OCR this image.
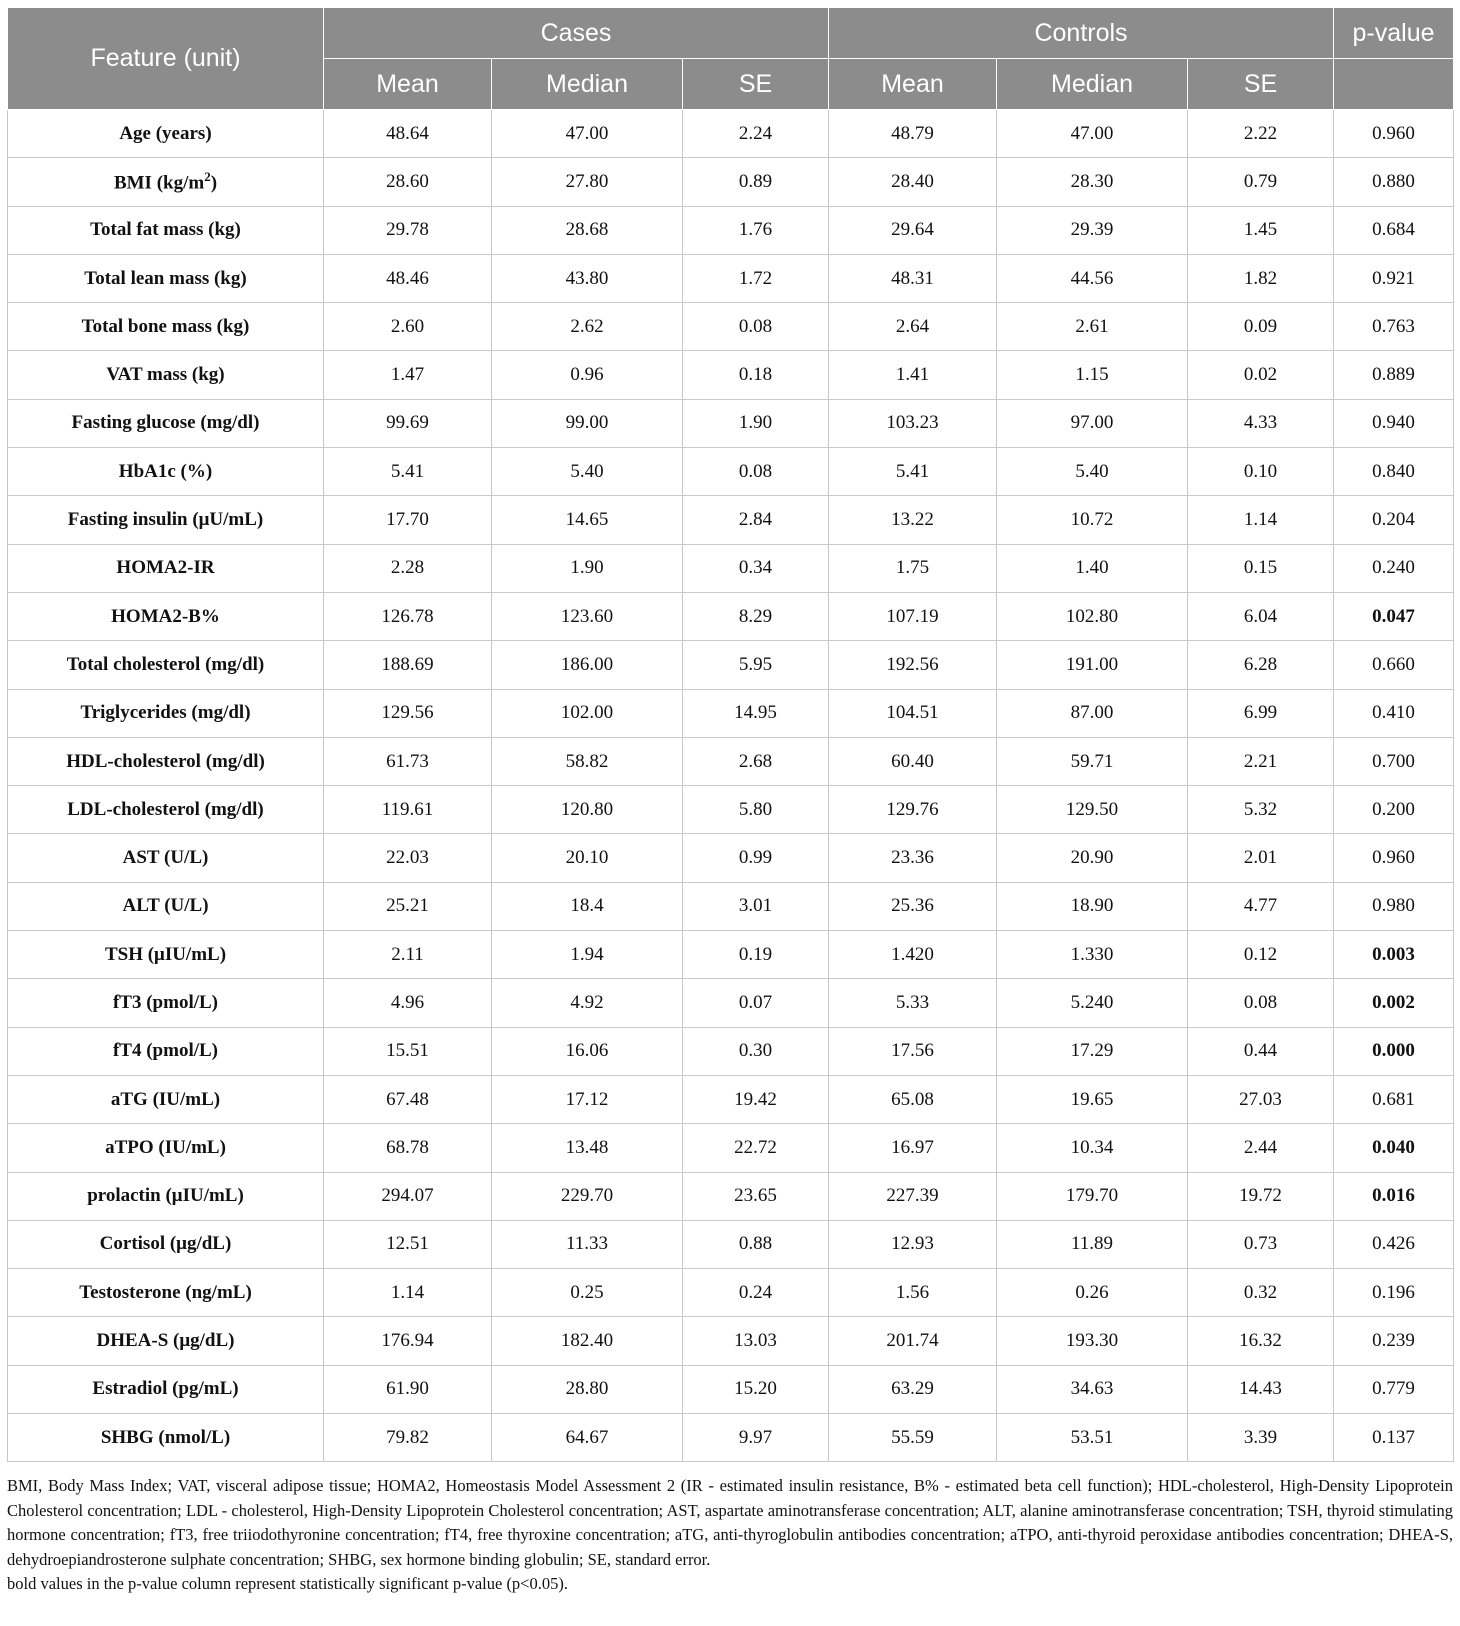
Feature (unit)	Cases			Controls			p-value
	Mean	Median	SE	Mean	Median	SE	
Age (years)	48.64	47.00	2.24	48.79	47.00	2.22	0.960
BMI $(kg/m^2)$	28.60	27.80	0.89	28.40	28.30	0.79	0.880
Total fat mass (kg)	29.78	28.68	1.76	29.64	29.39	1.45	0.684
Total lean mass (kg)	48.46	43.80	1.72	48.31	44.56	1.82	0.921
Total bone mass (kg)	2.60	2.62	0.08	2.64	2.61	0.09	0.763
VAT mass (kg)	1.47	0.96	0.18	1.41	1.15	0.02	0.889
Fasting glucose (mg/dl)	99.69	99.00	1.90	103.23	97.00	4.33	0.940
HbA1c (%)	5.41	5.40	0.08	5.41	5.40	0.10	0.840
Fasting insulin (μU/mL)	17.70	14.65	2.84	13.22	10.72	1.14	0.204
HOMA2-IR	2.28	1.90	0.34	1.75	1.40	0.15	0.240
HOMA2-B%	126.78	123.60	8.29	107.19	102.80	6.04	0.047
Total cholesterol (mg/dl)	188.69	186.00	5.95	192.56	191.00	6.28	0.660
Triglycerides (mg/dl)	129.56	102.00	14.95	104.51	87.00	6.99	0.410
HDL-cholesterol (mg/dl)	61.73	58.82	2.68	60.40	59.71	2.21	0.700
LDL-cholesterol (mg/dl)	119.61	120.80	5.80	129.76	129.50	5.32	0.200
AST (U/L)	22.03	20.10	0.99	23.36	20.90	2.01	0.960
ALT (U/L)	25.21	18.4	3.01	25.36	18.90	4.77	0.980
TSH (μIU/mL)	2.11	1.94	0.19	1.420	1.330	0.12	0.003
fT3 (pmol/L)	4.96	4.92	0.07	5.33	5.240	0.08	0.002
fT4 (pmol/L)	15.51	16.06	0.30	17.56	17.29	0.44	0.000
aTG (IU/mL)	67.48	17.12	19.42	65.08	19.65	27.03	0.681
aTPO (IU/mL)	68.78	13.48	22.72	16.97	10.34	2.44	0.040
prolactin (μIU/mL)	294.07	229.70	23.65	227.39	179.70	19.72	0.016
Cortisol (μg/dL)	12.51	11.33	0.88	12.93	11.89	0.73	0.426
Testosterone (ng/mL)	1.14	0.25	0.24	1.56	0.26	0.32	0.196
DHEA-S (μg/dL)	176.94	182.40	13.03	201.74	193.30	16.32	0.239
Estradiol (pg/mL)	61.90	28.80	15.20	63.29	34.63	14.43	0.779
SHBG (nmol/L)	79.82	64.67	9.97	55.59	53.51	3.39	0.137

BMI, Body Mass Index; VAT, visceral adipose tissue; HOMA2, Homeostasis Model Assessment 2 (IR - estimated insulin resistance, B% - estimated beta cell function); HDL-cholesterol, High-Density Lipoprotein Cholesterol concentration; LDL - cholesterol, High-Density Lipoprotein Cholesterol concentration; AST, aspartate aminotransferase concentration; ALT, alanine aminotransferase concentration; TSH, thyroid stimulating hormone concentration; fT3, free triiodothyronine concentration; fT4, free thyroxine concentration; aTG, anti-thyroglobulin antibodies concentration; aTPO, anti-thyroid peroxidase antibodies concentration; DHEA-S, dehydroepiandrosterone sulphate concentration; SHBG, sex hormone binding globulin; SE, standard error.

bold values in the p-value column represent statistically significant p-value (p<0.05).
